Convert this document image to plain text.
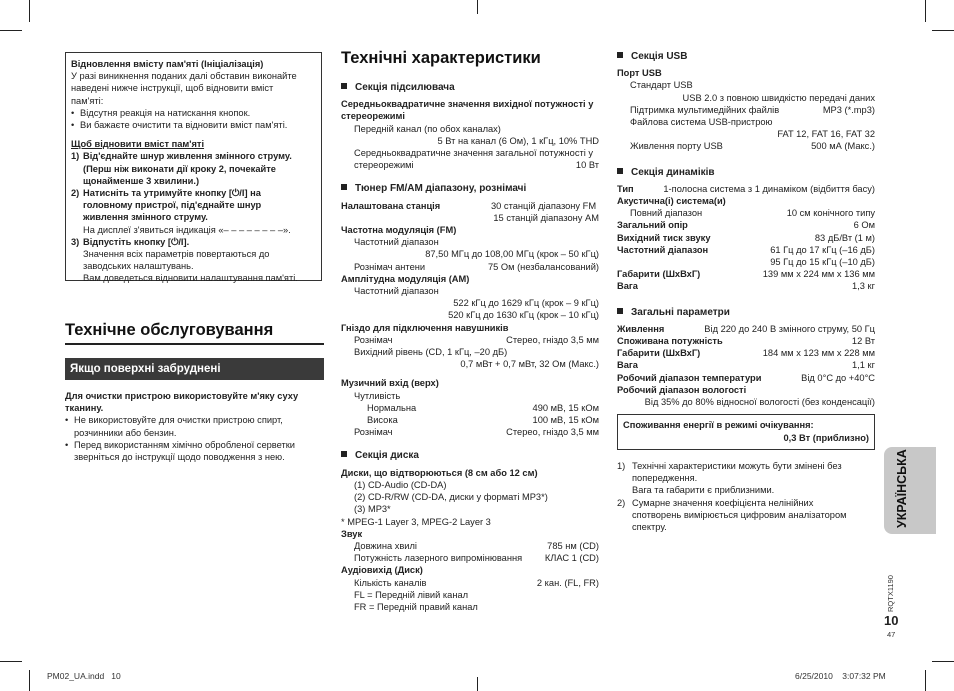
Відновлення вмісту пам'яті (Ініціалізація)
У разі виникнення поданих далі обставин виконайте
наведені нижче інструкції, щоб відновити вміст
пам'яті:
• Відсутня реакція на натискання кнопок.
• Ви бажаєте очистити та відновити вміст пам'яті.
Щоб відновити вміст пам'яті
1) Від'єднайте шнур живлення змінного струму.
(Перш ніж виконати дії кроку 2, почекайте
щонайменше 3 хвилини.)
2) Натисніть та утримуйте кнопку [⏻/I] на
головному пристрої, під'єднайте шнур
живлення змінного струму.
На дисплеї з'явиться індикація «– – – – – – – –».
3) Відпустіть кнопку [⏻/I].
Значення всіх параметрів повертаються до
заводських налаштувань.
Вам доведеться відновити налаштування пам'яті.
Технічне обслуговування
Якщо поверхні забруднені
Для очистки пристрою використовуйте м'яку суху
тканину.
• Не використовуйте для очистки пристрою спирт,
розчинники або бензин.
• Перед використанням хімічно обробленої серветки
зверніться до інструкції щодо поводження з нею.
Технічні характеристики
Секція підсилювача
Середньоквадратичне значення вихідної потужності у
стереорежимі
Передній канал (по обох каналах)
5 Вт на канал (6 Ом), 1 кГц, 10% THD
Середньоквадратичне значення загальної потужності у
стереорежимі	10 Вт
Тюнер FM/AM діапазону, рознімачі
Налаштована станція	30 станцій діапазону FM
15 станцій діапазону AM
Частотна модуляція (FM)
Частотний діапазон
87,50 МГц до 108,00 МГц (крок – 50 кГц)
Рознімач антени	75 Ом (незбалансований)
Амплітудна модуляція (AM)
Частотний діапазон
522 кГц до 1629 кГц (крок – 9 кГц)
520 кГц до 1630 кГц (крок – 10 кГц)
Гніздо для підключення навушників
Рознімач	Стерео, гніздо 3,5 мм
Вихідний рівень (CD, 1 кГц, –20 дБ)
0,7 мВт + 0,7 мВт, 32 Ом (Макс.)
Музичний вхід (верх)
Чутливість
Нормальна	490 мВ, 15 кОм
Висока	100 мВ, 15 кОм
Рознімач	Стерео, гніздо 3,5 мм
Секція диска
Диски, що відтворюються (8 см або 12 см)
(1) CD-Audio (CD-DA)
(2) CD-R/RW (CD-DA, диски у форматі MP3*)
(3) MP3*
* MPEG-1 Layer 3, MPEG-2 Layer 3
Звук
Довжина хвилі	785 нм (CD)
Потужність лазерного випромінювання КЛАС 1 (CD)
Аудіовихід (Диск)
Кількість каналів	2 кан. (FL, FR)
FL = Передній лівий канал
FR = Передній правий канал
Секція USB
Порт USB
Стандарт USB
USB 2.0 з повною швидкістю передачі даних
Підтримка мультимедійних файлів	MP3 (*.mp3)
Файлова система USB-пристрою
FAT 12, FAT 16, FAT 32
Живлення порту USB	500 мА (Макс.)
Секція динаміків
Тип	1-полосна система з 1 динаміком (відбиття басу)
Акустична(і) система(и)
Повний діапазон	10 см конічного типу
Загальний опір	6 Ом
Вихідний тиск звуку	83 дБ/Вт (1 м)
Частотний діапазон	61 Гц до 17 кГц (–16 дБ)
95 Гц до 15 кГц (–10 дБ)
Габарити (ШхВхГ)	139 мм x 224 мм x 136 мм
Вага	1,3 кг
Загальні параметри
Живлення	Від 220 до 240 В змінного струму, 50 Гц
Споживана потужність	12 Вт
Габарити (ШхВхГ)	184 мм x 123 мм x 228 мм
Вага	1,1 кг
Робочий діапазон температури	Від 0°C до +40°C
Робочий діапазон вологості
Від 35% до 80% відносної вологості (без конденсації)
Споживання енергії в режимі очікування:
0,3 Вт (приблизно)
1) Технічні характеристики можуть бути змінені без
попередження.
Вага та габарити є приблизними.
2) Сумарне значення коефіцієнта нелінійних
спотворень вимірюється цифровим аналізатором
спектру.	УКРАЇНСЬКА
RQTX1190
10
47
PM02_UA.indd 10	6/25/2010 3:07:32 PM
